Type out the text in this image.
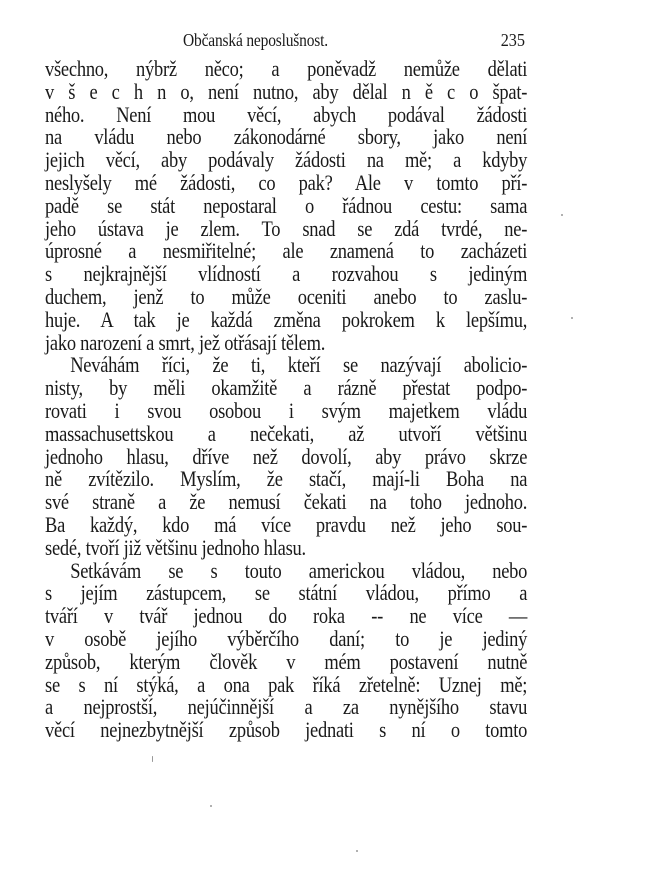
Občanská neposlušnost.	235
všechno, nýbrž něco; a poněvadž nemůže dělati
v š e c h n o, není nutno, aby dělal n ě c o špat-
ného. Není mou věcí, abych podával žádosti
na vládu nebo zákonodárné sbory, jako není
jejich věcí, aby podávaly žádosti na mě; a kdyby
neslyšely mé žádosti, co pak? Ale v tomto pří-
padě se stát nepostaral o řádnou cestu: sama
jeho ústava je zlem. To snad se zdá tvrdé, ne-
úprosné a nesmiřitelné; ale znamená to zacházeti
s nejkrajnější vlídností a rozvahou s jediným
duchem, jenž to může oceniti anebo to zaslu-
huje. A tak je každá změna pokrokem k lepšímu,
jako narození a smrt, jež otřásají tělem.
Neváhám říci, že ti, kteří se nazývají abolicio-
nisty, by měli okamžitě a rázně přestat podpo-
rovati i svou osobou i svým majetkem vládu
massachusettskou a nečekati, až utvoří většinu
jednoho hlasu, dříve než dovolí, aby právo skrze
ně zvítězilo. Myslím, že stačí, mají-li Boha na
své straně a že nemusí čekati na toho jednoho.
Ba každý, kdo má více pravdu než jeho sou-
sedé, tvoří již většinu jednoho hlasu.
Setkávám se s touto americkou vládou, nebo
s jejím zástupcem, se státní vládou, přímo a
tváří v tvář jednou do roka -- ne více —
v osobě jejího výběrčího daní; to je jediný
způsob, kterým člověk v mém postavení nutně
se s ní stýká, a ona pak říká zřetelně: Uznej mě;
a nejprostší, nejúčinnější a za nynějšího stavu
věcí nejnezbytnější způsob jednati s ní o tomto
